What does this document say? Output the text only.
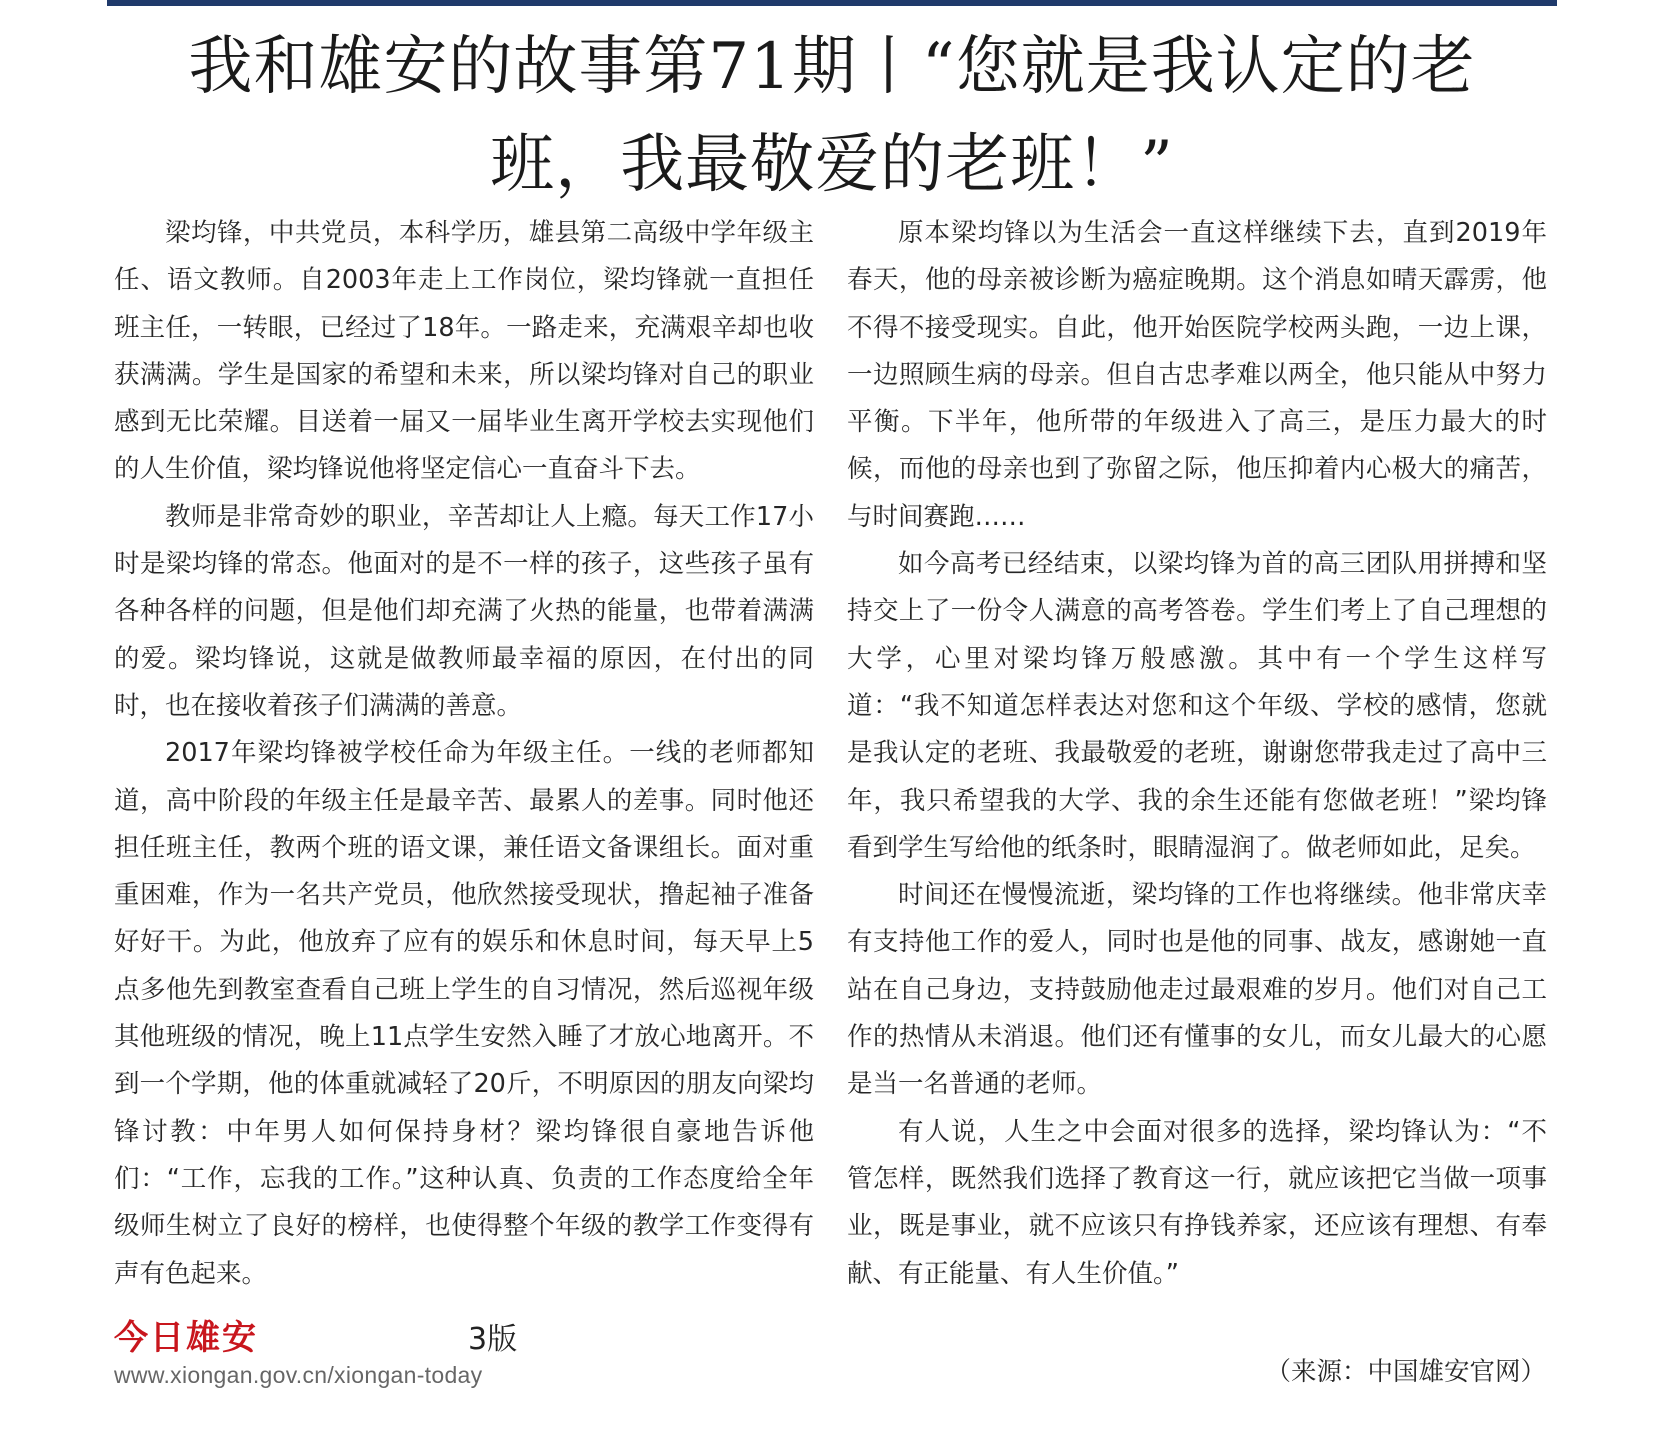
我和雄安的故事第71期丨“您就是我认定的老
班，我最敬爱的老班！”

梁均锋，中共党员，本科学历，雄县第二高级中学年级主任、语文教师。自2003年走上工作岗位，梁均锋就一直担任班主任，一转眼，已经过了18年。一路走来，充满艰辛却也收获满满。学生是国家的希望和未来，所以梁均锋对自己的职业感到无比荣耀。目送着一届又一届毕业生离开学校去实现他们的人生价值，梁均锋说他将坚定信心一直奋斗下去。

教师是非常奇妙的职业，辛苦却让人上瘾。每天工作17小时是梁均锋的常态。他面对的是不一样的孩子，这些孩子虽有各种各样的问题，但是他们却充满了火热的能量，也带着满满的爱。梁均锋说，这就是做教师最幸福的原因，在付出的同时，也在接收着孩子们满满的善意。

2017年梁均锋被学校任命为年级主任。一线的老师都知道，高中阶段的年级主任是最辛苦、最累人的差事。同时他还担任班主任，教两个班的语文课，兼任语文备课组长。面对重重困难，作为一名共产党员，他欣然接受现状，撸起袖子准备好好干。为此，他放弃了应有的娱乐和休息时间，每天早上5点多他先到教室查看自己班上学生的自习情况，然后巡视年级其他班级的情况，晚上11点学生安然入睡了才放心地离开。不到一个学期，他的体重就减轻了20斤，不明原因的朋友向梁均锋讨教：中年男人如何保持身材？梁均锋很自豪地告诉他们：“工作，忘我的工作。”这种认真、负责的工作态度给全年级师生树立了良好的榜样，也使得整个年级的教学工作变得有声有色起来。

原本梁均锋以为生活会一直这样继续下去，直到2019年春天，他的母亲被诊断为癌症晚期。这个消息如晴天霹雳，他不得不接受现实。自此，他开始医院学校两头跑，一边上课，一边照顾生病的母亲。但自古忠孝难以两全，他只能从中努力平衡。下半年，他所带的年级进入了高三，是压力最大的时候，而他的母亲也到了弥留之际，他压抑着内心极大的痛苦，与时间赛跑……

如今高考已经结束，以梁均锋为首的高三团队用拼搏和坚持交上了一份令人满意的高考答卷。学生们考上了自己理想的大学，心里对梁均锋万般感激。其中有一个学生这样写道：“我不知道怎样表达对您和这个年级、学校的感情，您就是我认定的老班、我最敬爱的老班，谢谢您带我走过了高中三年，我只希望我的大学、我的余生还能有您做老班！”梁均锋看到学生写给他的纸条时，眼睛湿润了。做老师如此，足矣。

时间还在慢慢流逝，梁均锋的工作也将继续。他非常庆幸有支持他工作的爱人，同时也是他的同事、战友，感谢她一直站在自己身边，支持鼓励他走过最艰难的岁月。他们对自己工作的热情从未消退。他们还有懂事的女儿，而女儿最大的心愿是当一名普通的老师。

有人说，人生之中会面对很多的选择，梁均锋认为：“不管怎样，既然我们选择了教育这一行，就应该把它当做一项事业，既是事业，就不应该只有挣钱养家，还应该有理想、有奉献、有正能量、有人生价值。”

（来源：中国雄安官网）
今日雄安	3版
www.xiongan.gov.cn/xiongan-today
